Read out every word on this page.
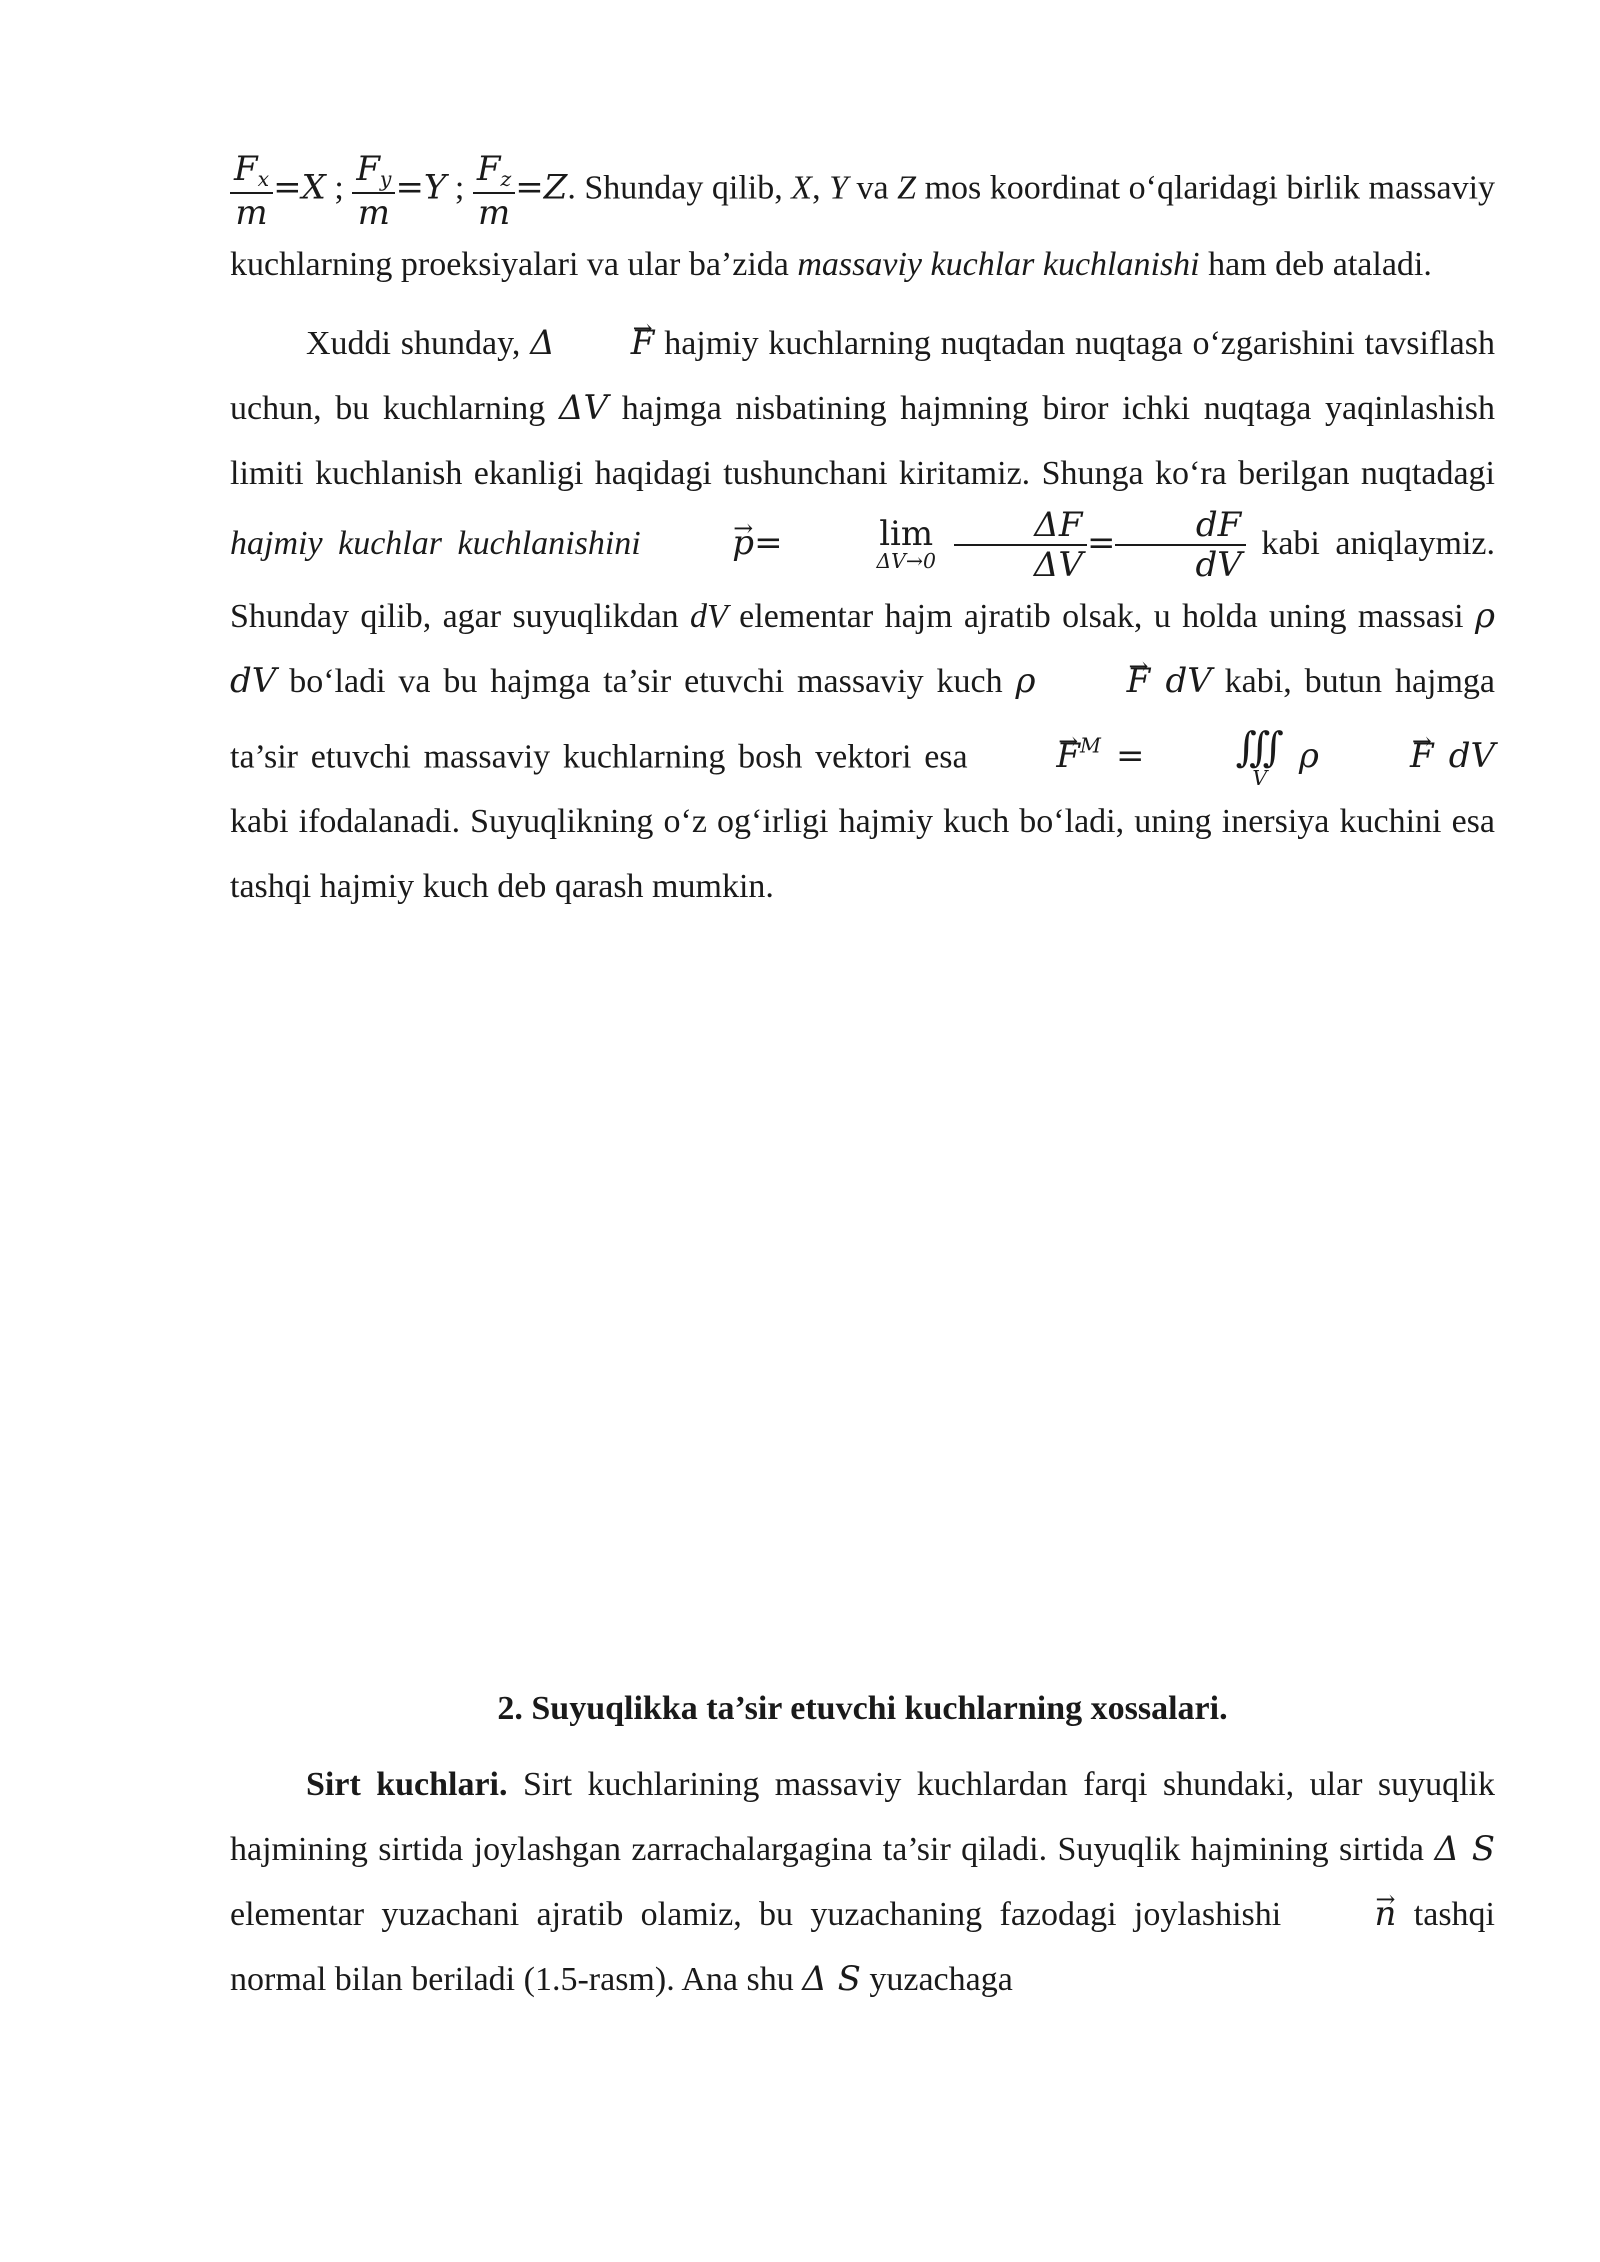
$\frac{F_x}{m} =X$ ; $\frac{F_y}{m} =Y$ ; $\frac{F_z}{m} =Z$. Shunday qilib, X, Y va Z mos koordinat o‘qlaridagi birlik massaviy kuchlarning proeksiyalari va ular ba’zida massaviy kuchlar kuchlanishi ham deb ataladi.

Xuddi shunday, Δ → F hajmiy kuchlarning nuqtadan nuqtaga o‘zgarishini tavsiflash uchun, bu kuchlarning ΔV hajmga nisbatining hajmning biror ichki nuqtaga yaqinlashish limiti kuchlanish ekanligi haqidagi tushunchani kiritamiz. Shunga ko‘ra berilgan nuqtadagi hajmiy kuchlar kuchlanishini	→ p=	lim
ΔV→0
$\frac{\Delta F}{\Delta V} = \frac{dF}{dV}$ kabi aniqlaymiz. Shunday qilib, agar suyuqlikdan dV elementar hajm ajratib olsak, u holda uning massasi ρ dV bo‘ladi va bu hajmga ta’sir etuvchi massaviy kuch ρ	→ F dV kabi, butun hajmga ta’sir etuvchi massaviy kuchlarning bosh vektori esa → $F^M$ = ∭
V
ρ	→ F dV kabi ifodalanadi. Suyuqlikning o‘z og‘irligi hajmiy kuch bo‘ladi, uning inersiya kuchini esa tashqi hajmiy kuch deb qarash mumkin.

2. Suyuqlikka ta’sir etuvchi kuchlarning xossalari.

Sirt kuchlari. Sirt kuchlarining massaviy kuchlardan farqi shundaki, ular suyuqlik hajmining sirtida joylashgan zarrachalargagina ta’sir qiladi. Suyuqlik hajmining sirtida Δ S elementar yuzachani ajratib olamiz, bu yuzachaning fazodagi joylashishi → n tashqi normal bilan beriladi (1.5-rasm). Ana shu Δ S yuzachaga
